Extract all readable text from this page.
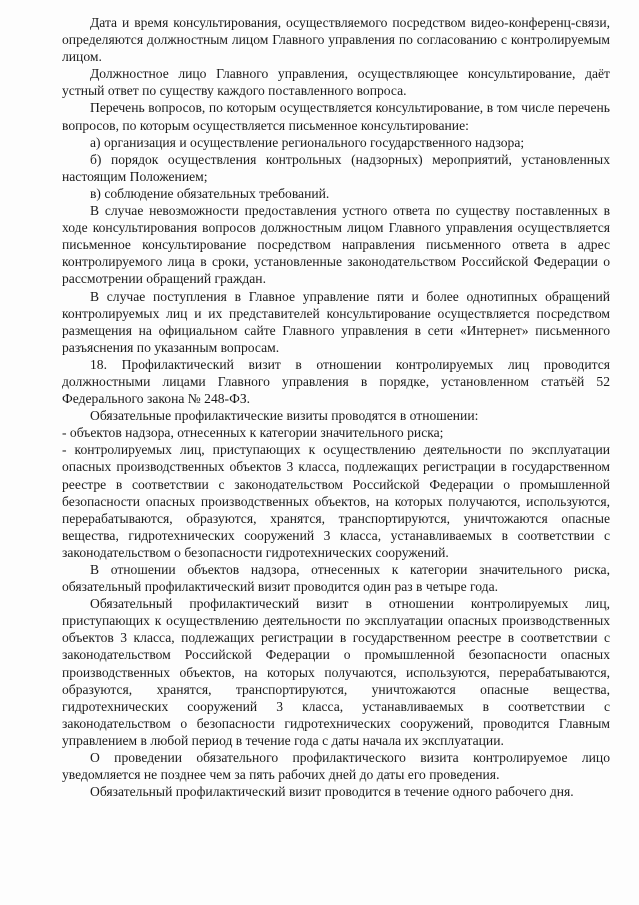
Дата и время консультирования, осуществляемого посредством видео-конференц-связи, определяются должностным лицом Главного управления по согласованию с контролируемым лицом.

Должностное лицо Главного управления, осуществляющее консультирование, даёт устный ответ по существу каждого поставленного вопроса.

Перечень вопросов, по которым осуществляется консультирование, в том числе перечень вопросов, по которым осуществляется письменное консультирование:

а) организация и осуществление регионального государственного надзора;

б) порядок осуществления контрольных (надзорных) мероприятий, установленных настоящим Положением;

в) соблюдение обязательных требований.

В случае невозможности предоставления устного ответа по существу поставленных в ходе консультирования вопросов должностным лицом Главного управления осуществляется письменное консультирование посредством направления письменного ответа в адрес контролируемого лица в сроки, установленные законодательством Российской Федерации о рассмотрении обращений граждан.

В случае поступления в Главное управление пяти и более однотипных обращений контролируемых лиц и их представителей консультирование осуществляется посредством размещения на официальном сайте Главного управления в сети «Интернет» письменного разъяснения по указанным вопросам.

18. Профилактический визит в отношении контролируемых лиц проводится должностными лицами Главного управления в порядке, установленном статьёй 52 Федерального закона № 248-ФЗ.

Обязательные профилактические визиты проводятся в отношении:

- объектов надзора, отнесенных к категории значительного риска;

- контролируемых лиц, приступающих к осуществлению деятельности по эксплуатации опасных производственных объектов 3 класса, подлежащих регистрации в государственном реестре в соответствии с законодательством Российской Федерации о промышленной безопасности опасных производственных объектов, на которых получаются, используются, перерабатываются, образуются, хранятся, транспортируются, уничтожаются опасные вещества, гидротехнических сооружений 3 класса, устанавливаемых в соответствии с законодательством о безопасности гидротехнических сооружений.

В отношении объектов надзора, отнесенных к категории значительного риска, обязательный профилактический визит проводится один раз в четыре года.

Обязательный профилактический визит в отношении контролируемых лиц, приступающих к осуществлению деятельности по эксплуатации опасных производственных объектов 3 класса, подлежащих регистрации в государственном реестре в соответствии с законодательством Российской Федерации о промышленной безопасности опасных производственных объектов, на которых получаются, используются, перерабатываются, образуются, хранятся, транспортируются, уничтожаются опасные вещества, гидротехнических сооружений 3 класса, устанавливаемых в соответствии с законодательством о безопасности гидротехнических сооружений, проводится Главным управлением в любой период в течение года с даты начала их эксплуатации.

О проведении обязательного профилактического визита контролируемое лицо уведомляется не позднее чем за пять рабочих дней до даты его проведения.

Обязательный профилактический визит проводится в течение одного рабочего дня.
